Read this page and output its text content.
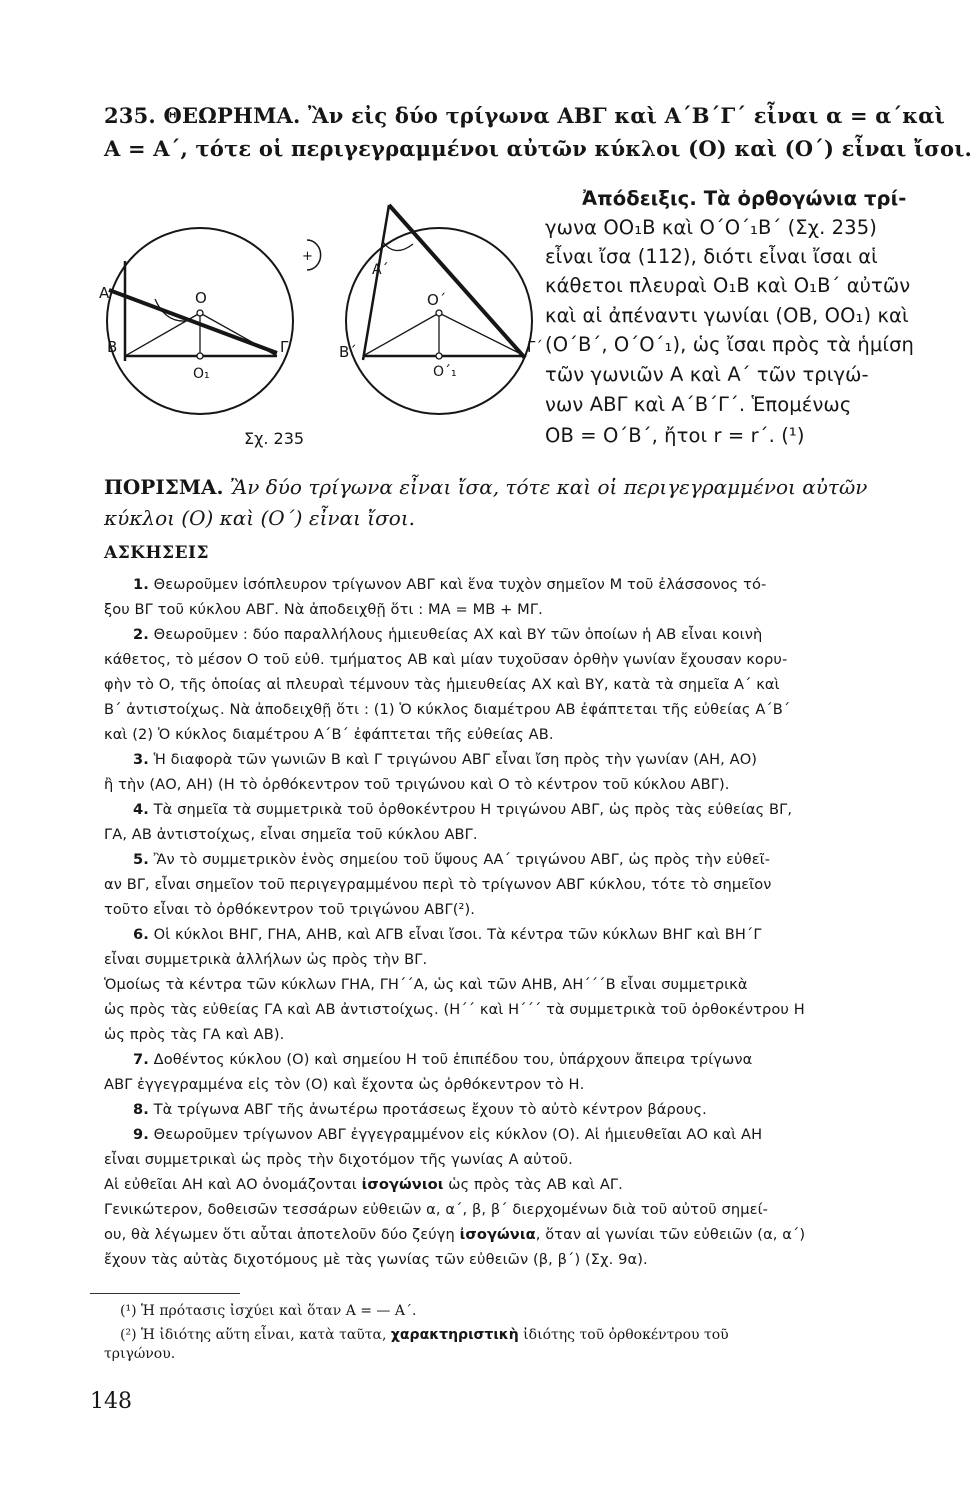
235. ΘΕΩΡΗΜΑ. Ἂν εἰς δύο τρίγωνα ΑΒΓ καὶ Α΄Β΄Γ΄ εἶναι α = α΄καὶ
Α = Α΄, τότε οἱ περιγεγραμμένοι αὐτῶν κύκλοι (Ο) καὶ (Ο΄) εἶναι ἴσοι.
Α
Β	Γ
Ο
Ο₁
+
Α΄
Β΄	Γ΄
Ο΄
Ο΄₁
Σχ. 235
Ἀπόδειξις. Τὰ ὀρθογώνια τρί-
γωνα ΟΟ₁Β καὶ Ο΄Ο΄₁Β΄ (Σχ. 235)
εἶναι ἴσα (112), διότι εἶναι ἴσαι αἱ
κάθετοι πλευραὶ Ο₁Β καὶ Ο₁Β΄ αὐτῶν
καὶ αἱ ἀπέναντι γωνίαι (ΟΒ, ΟΟ₁) καὶ
(Ο΄Β΄, Ο΄Ο΄₁), ὡς ἴσαι πρὸς τὰ ἡμίση
τῶν γωνιῶν Α καὶ Α΄ τῶν τριγώ-
νων ΑΒΓ καὶ Α΄Β΄Γ΄. Ἑπομένως
ΟΒ = Ο΄Β΄, ἤτοι r = r΄. (¹)
ΠΟΡΙΣΜΑ. Ἂν δύο τρίγωνα εἶναι ἴσα, τότε καὶ οἱ περιγεγραμμένοι αὐτῶν
κύκλοι (Ο) καὶ (Ο΄) εἶναι ἴσοι.
ΑΣΚΗΣΕΙΣ
1. Θεωροῦμεν ἰσόπλευρον τρίγωνον ΑΒΓ καὶ ἕνα τυχὸν σημεῖον Μ τοῦ ἐλάσσονος τό-
ξου ΒΓ τοῦ κύκλου ΑΒΓ. Νὰ ἀποδειχθῇ ὅτι : ΜΑ = ΜΒ + ΜΓ.
2. Θεωροῦμεν : δύο παραλλήλους ἡμιευθείας ΑΧ καὶ ΒΥ τῶν ὁποίων ἡ ΑΒ εἶναι κοινὴ
κάθετος, τὸ μέσον Ο τοῦ εὐθ. τμήματος ΑΒ καὶ μίαν τυχοῦσαν ὀρθὴν γωνίαν ἔχουσαν κορυ-
φὴν τὸ Ο, τῆς ὁποίας αἱ πλευραὶ τέμνουν τὰς ἡμιευθείας ΑΧ καὶ ΒΥ, κατὰ τὰ σημεῖα Α΄ καὶ
Β΄ ἀντιστοίχως. Νὰ ἀποδειχθῇ ὅτι : (1) Ὁ κύκλος διαμέτρου ΑΒ ἐφάπτεται τῆς εὐθείας Α΄Β΄
καὶ (2) Ὁ κύκλος διαμέτρου Α΄Β΄ ἐφάπτεται τῆς εὐθείας ΑΒ.
3. Ἡ διαφορὰ τῶν γωνιῶν Β καὶ Γ τριγώνου ΑΒΓ εἶναι ἴση πρὸς τὴν γωνίαν (ΑΗ, ΑΟ)
ἢ τὴν (ΑΟ, ΑΗ) (Η τὸ ὀρθόκεντρον τοῦ τριγώνου καὶ Ο τὸ κέντρον τοῦ κύκλου ΑΒΓ).
4. Τὰ σημεῖα τὰ συμμετρικὰ τοῦ ὀρθοκέντρου Η τριγώνου ΑΒΓ, ὡς πρὸς τὰς εὐθείας ΒΓ,
ΓΑ, ΑΒ ἀντιστοίχως, εἶναι σημεῖα τοῦ κύκλου ΑΒΓ.
5. Ἂν τὸ συμμετρικὸν ἑνὸς σημείου τοῦ ὕψους ΑΑ΄ τριγώνου ΑΒΓ, ὡς πρὸς τὴν εὐθεῖ-
αν ΒΓ, εἶναι σημεῖον τοῦ περιγεγραμμένου περὶ τὸ τρίγωνον ΑΒΓ κύκλου, τότε τὸ σημεῖον
τοῦτο εἶναι τὸ ὀρθόκεντρον τοῦ τριγώνου ΑΒΓ(²).
6. Οἱ κύκλοι ΒΗΓ, ΓΗΑ, ΑΗΒ, καὶ ΑΓΒ εἶναι ἴσοι. Τὰ κέντρα τῶν κύκλων ΒΗΓ καὶ ΒΗ΄Γ
εἶναι συμμετρικὰ ἀλλήλων ὡς πρὸς τὴν ΒΓ.
Ὁμοίως τὰ κέντρα τῶν κύκλων ΓΗΑ, ΓΗ΄΄Α, ὡς καὶ τῶν ΑΗΒ, ΑΗ΄΄΄Β εἶναι συμμετρικὰ
ὡς πρὸς τὰς εὐθείας ΓΑ καὶ ΑΒ ἀντιστοίχως. (Η΄΄ καὶ Η΄΄΄ τὰ συμμετρικὰ τοῦ ὀρθοκέντρου Η
ὡς πρὸς τὰς ΓΑ καὶ ΑΒ).
7. Δοθέντος κύκλου (Ο) καὶ σημείου Η τοῦ ἐπιπέδου του, ὑπάρχουν ἄπειρα τρίγωνα
ΑΒΓ ἐγγεγραμμένα εἰς τὸν (Ο) καὶ ἔχοντα ὡς ὀρθόκεντρον τὸ Η.
8. Τὰ τρίγωνα ΑΒΓ τῆς ἀνωτέρω προτάσεως ἔχουν τὸ αὐτὸ κέντρον βάρους.
9. Θεωροῦμεν τρίγωνον ΑΒΓ ἐγγεγραμμένον εἰς κύκλον (Ο). Αἱ ἡμιευθεῖαι ΑΟ καὶ ΑΗ
εἶναι συμμετρικαὶ ὡς πρὸς τὴν διχοτόμον τῆς γωνίας Α αὐτοῦ.
Αἱ εὐθεῖαι ΑΗ καὶ ΑΟ ὀνομάζονται ἰσογώνιοι ὡς πρὸς τὰς ΑΒ καὶ ΑΓ.
Γενικώτερον, δοθεισῶν τεσσάρων εὐθειῶν α, α΄, β, β΄ διερχομένων διὰ τοῦ αὐτοῦ σημεί-
ου, θὰ λέγωμεν ὅτι αὗται ἀποτελοῦν δύο ζεύγη ἰσογώνια, ὅταν αἱ γωνίαι τῶν εὐθειῶν (α, α΄)
ἔχουν τὰς αὐτὰς διχοτόμους μὲ τὰς γωνίας τῶν εὐθειῶν (β, β΄) (Σχ. 9α).
(¹) Ἡ πρότασις ἰσχύει καὶ ὅταν Α = — Α΄.
(²) Ἡ ἰδιότης αὕτη εἶναι, κατὰ ταῦτα, χαρακτηριστικὴ ἰδιότης τοῦ ὀρθοκέντρου τοῦ
τριγώνου.
148
